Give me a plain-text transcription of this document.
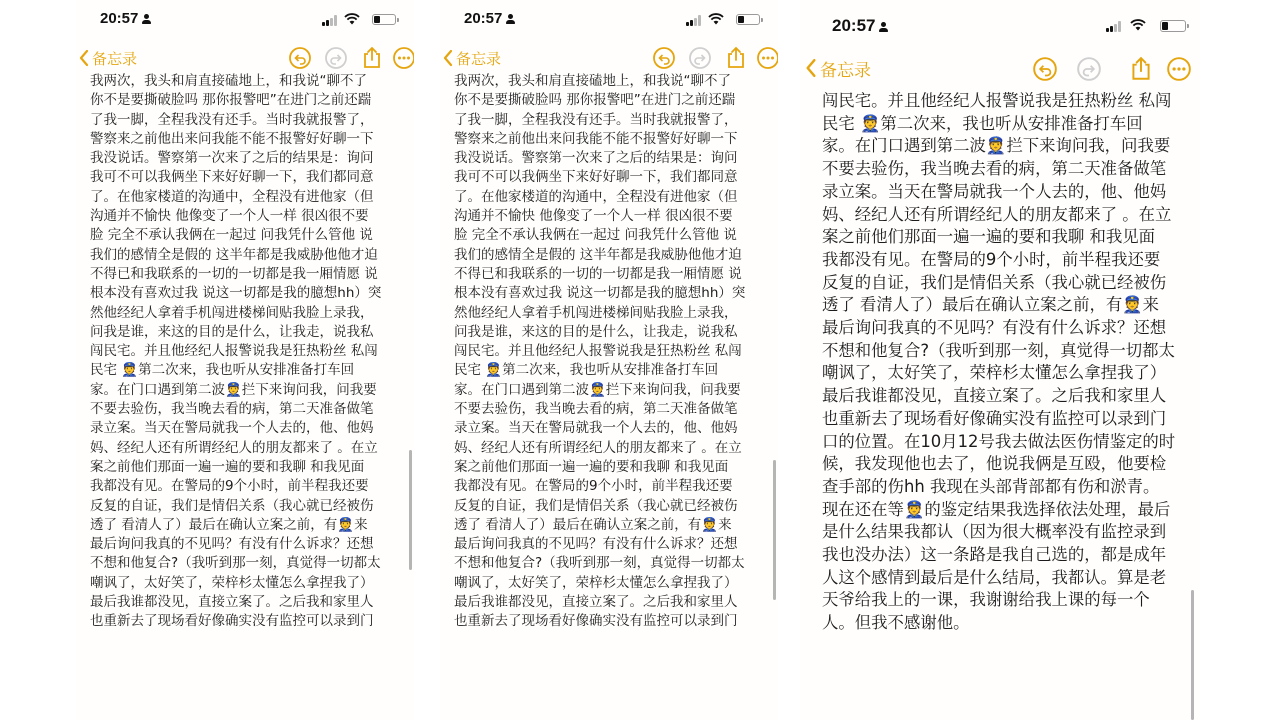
20:57
备忘录
我两次，我头和肩直接磕地上，和我说“聊不了
你不是要撕破脸吗 那你报警吧”在进门之前还踹
了我一脚，全程我没有还手。当时我就报警了，
警察来之前他出来问我能不能不报警好好聊一下
我没说话。警察第一次来了之后的结果是：询问
我可不可以我俩坐下来好好聊一下，我们都同意
了。在他家楼道的沟通中，全程没有进他家（但
沟通并不愉快 他像变了一个人一样 很凶很不要
脸 完全不承认我俩在一起过 问我凭什么管他 说
我们的感情全是假的 这半年都是我威胁他他才迫
不得已和我联系的一切的一切都是我一厢情愿 说
根本没有喜欢过我 说这一切都是我的臆想hh）突
然他经纪人拿着手机闯进楼梯间贴我脸上录我，
问我是谁，来这的目的是什么，让我走，说我私
闯民宅。并且他经纪人报警说我是狂热粉丝 私闯
民宅 👮第二次来，我也听从安排准备打车回
家。在门口遇到第二波👮拦下来询问我，问我要
不要去验伤，我当晚去看的病，第二天准备做笔
录立案。当天在警局就我一个人去的，他、他妈
妈、经纪人还有所谓经纪人的朋友都来了 。在立
案之前他们那面一遍一遍的要和我聊 和我见面
我都没有见。在警局的9个小时，前半程我还要
反复的自证，我们是情侣关系（我心就已经被伤
透了 看清人了）最后在确认立案之前，有👮来
最后询问我真的不见吗？有没有什么诉求？还想
不想和他复合?（我听到那一刻，真觉得一切都太
嘲讽了，太好笑了，荣梓杉太懂怎么拿捏我了）
最后我谁都没见，直接立案了。之后我和家里人
也重新去了现场看好像确实没有监控可以录到门
20:57
备忘录
我两次，我头和肩直接磕地上，和我说“聊不了
你不是要撕破脸吗 那你报警吧”在进门之前还踹
了我一脚，全程我没有还手。当时我就报警了，
警察来之前他出来问我能不能不报警好好聊一下
我没说话。警察第一次来了之后的结果是：询问
我可不可以我俩坐下来好好聊一下，我们都同意
了。在他家楼道的沟通中，全程没有进他家（但
沟通并不愉快 他像变了一个人一样 很凶很不要
脸 完全不承认我俩在一起过 问我凭什么管他 说
我们的感情全是假的 这半年都是我威胁他他才迫
不得已和我联系的一切的一切都是我一厢情愿 说
根本没有喜欢过我 说这一切都是我的臆想hh）突
然他经纪人拿着手机闯进楼梯间贴我脸上录我，
问我是谁，来这的目的是什么，让我走，说我私
闯民宅。并且他经纪人报警说我是狂热粉丝 私闯
民宅 👮第二次来，我也听从安排准备打车回
家。在门口遇到第二波👮拦下来询问我，问我要
不要去验伤，我当晚去看的病，第二天准备做笔
录立案。当天在警局就我一个人去的，他、他妈
妈、经纪人还有所谓经纪人的朋友都来了 。在立
案之前他们那面一遍一遍的要和我聊 和我见面
我都没有见。在警局的9个小时，前半程我还要
反复的自证，我们是情侣关系（我心就已经被伤
透了 看清人了）最后在确认立案之前，有👮来
最后询问我真的不见吗？有没有什么诉求？还想
不想和他复合?（我听到那一刻，真觉得一切都太
嘲讽了，太好笑了，荣梓杉太懂怎么拿捏我了）
最后我谁都没见，直接立案了。之后我和家里人
也重新去了现场看好像确实没有监控可以录到门
20:57
备忘录
闯民宅。并且他经纪人报警说我是狂热粉丝 私闯
民宅 👮第二次来，我也听从安排准备打车回
家。在门口遇到第二波👮拦下来询问我，问我要
不要去验伤，我当晚去看的病，第二天准备做笔
录立案。当天在警局就我一个人去的，他、他妈
妈、经纪人还有所谓经纪人的朋友都来了 。在立
案之前他们那面一遍一遍的要和我聊 和我见面
我都没有见。在警局的9个小时，前半程我还要
反复的自证，我们是情侣关系（我心就已经被伤
透了 看清人了）最后在确认立案之前，有👮来
最后询问我真的不见吗？有没有什么诉求？还想
不想和他复合?（我听到那一刻，真觉得一切都太
嘲讽了，太好笑了，荣梓杉太懂怎么拿捏我了）
最后我谁都没见，直接立案了。之后我和家里人
也重新去了现场看好像确实没有监控可以录到门
口的位置。在10月12号我去做法医伤情鉴定的时
候，我发现他也去了，他说我俩是互殴，他要检
查手部的伤hh 我现在头部背部都有伤和淤青。
现在还在等👮的鉴定结果我选择依法处理，最后
是什么结果我都认（因为很大概率没有监控录到
我也没办法）这一条路是我自己选的，都是成年
人这个感情到最后是什么结局，我都认。算是老
天爷给我上的一课，我谢谢给我上课的每一个
人。但我不感谢他。
